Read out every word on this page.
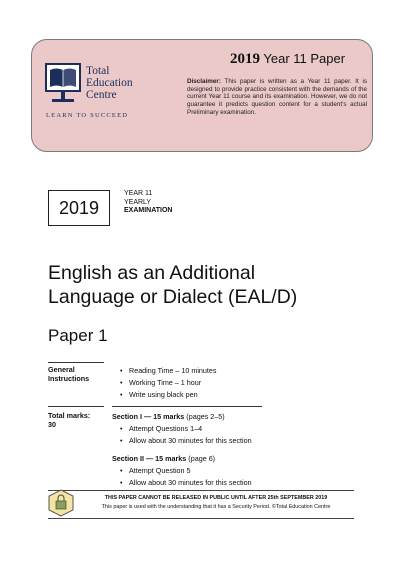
Total
Education
Centre
LEARN TO SUCCEED
2019 Year 11 Paper
Disclaimer: This paper is written as a Year 11 paper. It is designed to provide practice consistent with the demands of the current Year 11 course and its examination. However, we do not guarantee it predicts question content for a student's actual Preliminary examination.
2019
YEAR 11
YEARLY
EXAMINATION
English as an Additional
Language or Dialect (EAL/D)
Paper 1
General
Instructions
• Reading Time – 10 minutes
• Working Time – 1 hour
• Write using black pen
Total marks:
30
Section I — 15 marks (pages 2–5)
• Attempt Questions 1–4
• Allow about 30 minutes for this section
Section II — 15 marks (page 6)
• Attempt Question 5
• Allow about 30 minutes for this section
THIS PAPER CANNOT BE RELEASED IN PUBLIC UNTIL AFTER 25th SEPTEMBER 2019
This paper is used with the understanding that it has a Security Period. ©Total Education Centre
